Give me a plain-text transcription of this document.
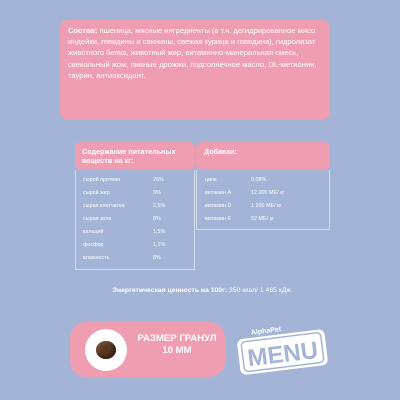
Состав: пшеница, мясные ингредиенты (в т.ч. дегидрированное мясо индейки, говядины и свинины, свежая курица и говядина), гидролизат животного белка, животный жир, витаминно-минеральная смесь, свекольный жом, пивные дрожжи, подсолнечное масло, DL-метионин, таурин, антиоксидант.
Содержание питательных веществ на кг:
Добавки:
сырой протеин	26%
сырой жир	9%
сырая клетчатка	2,5%
сырая зола	8%
кальций	1,5%
фосфор	1,1%
влажность	8%
цинк	0,08%
витамин А	12 000 МЕ/ кг
витамин D	1 200 МЕ/ кг
витамин Е	52 МЕ/ кг
Энергетическая ценность на 100г: 350 ккал/ 1 465 кДж.
РАЗМЕР ГРАНУЛ
10 ММ	MENU
AlphaPet
